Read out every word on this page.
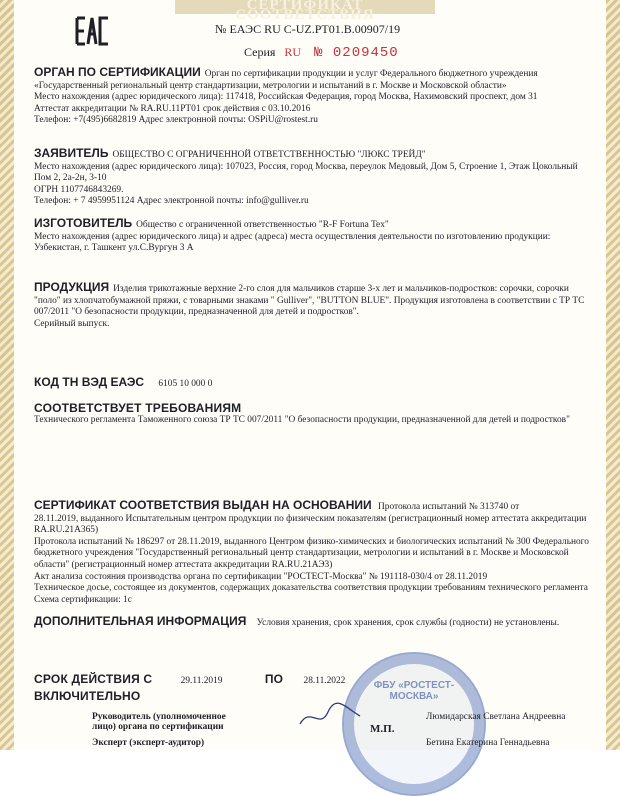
СЕРТИФИКАТ СООТВЕТСТВИЯ
№ ЕАЭС RU C-UZ.PT01.B.00907/19
Серия RU № 0209450
ОРГАН ПО СЕРТИФИКАЦИИ Орган по сертификации продукции и услуг Федерального бюджетного учреждения «Государственный региональный центр стандартизации, метрологии и испытаний в г. Москве и Московской области»
Место нахождения (адрес юридического лица): 117418, Российская Федерация, город Москва, Нахимовский проспект, дом 31
Аттестат аккредитации № RA.RU.11PT01 срок действия с 03.10.2016
Телефон: +7(495)6682819 Адрес электронной почты: OSPiU@rostest.ru
ЗАЯВИТЕЛЬ ОБЩЕСТВО С ОГРАНИЧЕННОЙ ОТВЕТСТВЕННОСТЬЮ "ЛЮКС ТРЕЙД"
Место нахождения (адрес юридического лица): 107023, Россия, город Москва, переулок Медовый, Дом 5, Строение 1, Этаж Цокольный Пом 2, 2а-2н, 3-10
ОГРН 1107746843269.
Телефон: + 7 4959951124 Адрес электронной почты: info@gulliver.ru
ИЗГОТОВИТЕЛЬ Общество с ограниченной ответственностью "R-F Fortuna Tex"
Место нахождения (адрес юридического лица) и адрес (адреса) места осуществления деятельности по изготовлению продукции: Узбекистан, г. Ташкент ул.С.Вургун 3 А
ПРОДУКЦИЯ Изделия трикотажные верхние 2-го слоя для мальчиков старше 3-х лет и мальчиков-подростков: сорочки, сорочки "поло" из хлопчатобумажной пряжи, с товарными знаками " Gulliver", "BUTTON BLUE". Продукция изготовлена в соответствии с ТР ТС 007/2011 "О безопасности продукции, предназначенной для детей и подростков".
Серийный выпуск.
КОД ТН ВЭД ЕАЭС 6105 10 000 0
СООТВЕТСТВУЕТ ТРЕБОВАНИЯМ
Технического регламента Таможенного союза ТР ТС 007/2011 "О безопасности продукции, предназначенной для детей и подростков"
СЕРТИФИКАТ СООТВЕТСТВИЯ ВЫДАН НА ОСНОВАНИИ Протокола испытаний № 313740 от
28.11.2019, выданного Испытательным центром продукции по физическим показателям (регистрационный номер аттестата аккредитации RA.RU.21A365)
Протокола испытаний № 186297 от 28.11.2019, выданного Центром физико-химических и биологических испытаний № 300 Федерального бюджетного учреждения "Государственный региональный центр стандартизации, метрологии и испытаний в г. Москве и Московской области" (регистрационный номер аттестата аккредитации RA.RU.21АЭ3)
Акт анализа состояния производства органа по сертификации "РОСТЕСТ-Москва" № 191118-030/4 от 28.11.2019
Техническое досье, состоящее из документов, содержащих доказательства соответствия продукции требованиям технического регламента
Схема сертификации: 1с
ДОПОЛНИТЕЛЬНАЯ ИНФОРМАЦИЯ Условия хранения, срок хранения, срок службы (годности) не установлены.
СРОК ДЕЙСТВИЯ С	29.11.2019	ПО 28.11.2022
ВКЛЮЧИТЕЛЬНО
ФБУ «РОСТЕСТ-МОСКВА»
Руководитель (уполномоченное
лицо) органа по сертификации	М.П.
Люмидарская Светлана Андреевна
Эксперт (эксперт-аудитор)	Бетина Екатерина Геннадьевна
